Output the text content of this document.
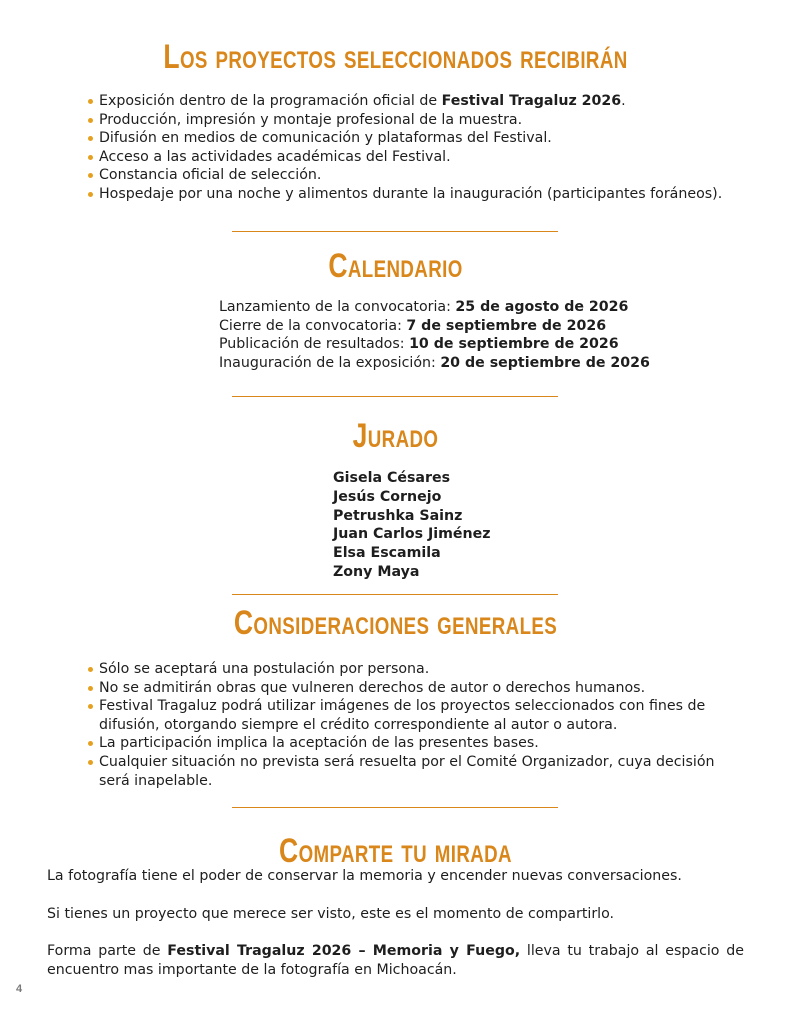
Los proyectos seleccionados recibirán
Exposición dentro de la programación oficial de Festival Tragaluz 2026.
Producción, impresión y montaje profesional de la muestra.
Difusión en medios de comunicación y plataformas del Festival.
Acceso a las actividades académicas del Festival.
Constancia oficial de selección.
Hospedaje por una noche y alimentos durante la inauguración (participantes foráneos).
Calendario
Lanzamiento de la convocatoria: 25 de agosto de 2026
Cierre de la convocatoria: 7 de septiembre de 2026
Publicación de resultados: 10 de septiembre de 2026
Inauguración de la exposición: 20 de septiembre de 2026
Jurado
Gisela Césares
Jesús Cornejo
Petrushka Sainz
Juan Carlos Jiménez
Elsa Escamila
Zony Maya
Consideraciones generales
Sólo se aceptará una postulación por persona.
No se admitirán obras que vulneren derechos de autor o derechos humanos.
Festival Tragaluz podrá utilizar imágenes de los proyectos seleccionados con fines de difusión, otorgando siempre el crédito correspondiente al autor o autora.
La participación implica la aceptación de las presentes bases.
Cualquier situación no prevista será resuelta por el Comité Organizador, cuya decisión será inapelable.
Comparte tu mirada
La fotografía tiene el poder de conservar la memoria y encender nuevas conversaciones.
Si tienes un proyecto que merece ser visto, este es el momento de compartirlo.
Forma parte de Festival Tragaluz 2026 – Memoria y Fuego, lleva tu trabajo al espacio de encuentro mas importante de la fotografía en Michoacán.
4
